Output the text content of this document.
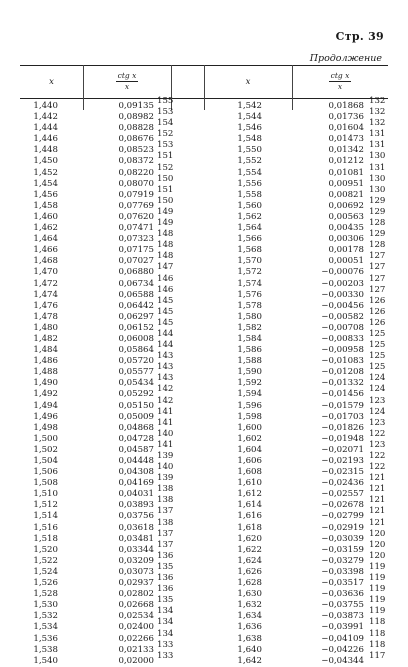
Стр. 39
Продолжение
x
ctg x
x	x
ctg x
x
1,440	0,09135 155
1,442	0,08982 153
1,444	0,08828 154
1,446	0,08676 152
1,448	0,08523 153
1,450	0,08372 151
1,452	0,08220 152
1,454	0,08070 150
1,456	0,07919 151
1,458	0,07769 150
1,460	0,07620 149
1,462	0,07471 149
1,464	0,07323 148
1,466	0,07175 148
1,468	0,07027 148
1,470	0,06880 147
1,472	0,06734 146
1,474	0,06588 146
1,476	0,06442 145
1,478	0,06297 145
1,480	0,06152 145
1,482	0,06008 144
1,484	0,05864 144
1,486	0,05720 143
1,488	0,05577 143
1,490	0,05434 143
1,492	0,05292 142
1,494	0,05150 142
1,496	0,05009 141
1,498	0,04868 141
1,500	0,04728 140
1,502	0,04587 141
1,504	0,04448 139
1,506	0,04308 140
1,508	0,04169 139
1,510	0,04031 138
1,512	0,03893 138
1,514	0,03756 137
1,516	0,03618 138
1,518	0,03481 137
1,520	0,03344 137
1,522	0,03209 136
1,524	0,03073 135
1,526	0,02937 136
1,528	0,02802 136
1,530	0,02668 135
1,532	0,02534 134
1,534	0,02400 134
1,536	0,02266 134
1,538	0,02133 133
1,540	0,02000 133
1,542	0,01868 132
1,544	0,01736 132
1,546	0,01604 132
1,548	0,01473 131
1,550	0,01342 131
1,552	0,01212 130
1,554	0,01081 131
1,556	0,00951 130
1,558	0,00821 130
1,560	0,00692 129
1,562	0,00563 129
1,564	0,00435 128
1,566	0,00306 129
1,568	0,00178 128
1,570	0,00051 127
1,572	−0,00076 127
1,574	−0,00203 127
1,576	−0,00330 127
1,578	−0,00456 126
1,580	−0,00582 126
1,582	−0,00708 126
1,584	−0,00833 125
1,586	−0,00958 125
1,588	−0,01083 125
1,590	−0,01208 125
1,592	−0,01332 124
1,594	−0,01456 124
1,596	−0,01579 123
1,598	−0,01703 124
1,600	−0,01826 123
1,602	−0,01948 122
1,604	−0,02071 123
1,606	−0,02193 122
1,608	−0,02315 122
1,610	−0,02436 121
1,612	−0,02557 121
1,614	−0,02678 121
1,616	−0,02799 121
1,618	−0,02919 121
1,620	−0,03039 120
1,622	−0,03159 120
1,624	−0,03279 120
1,626	−0,03398 119
1,628	−0,03517 119
1,630	−0,03636 119
1,632	−0,03755 119
1,634	−0,03873 119
1,636	−0,03991 118
1,638	−0,04109 118
1,640	−0,04226 118
1,642	−0,04344 117
